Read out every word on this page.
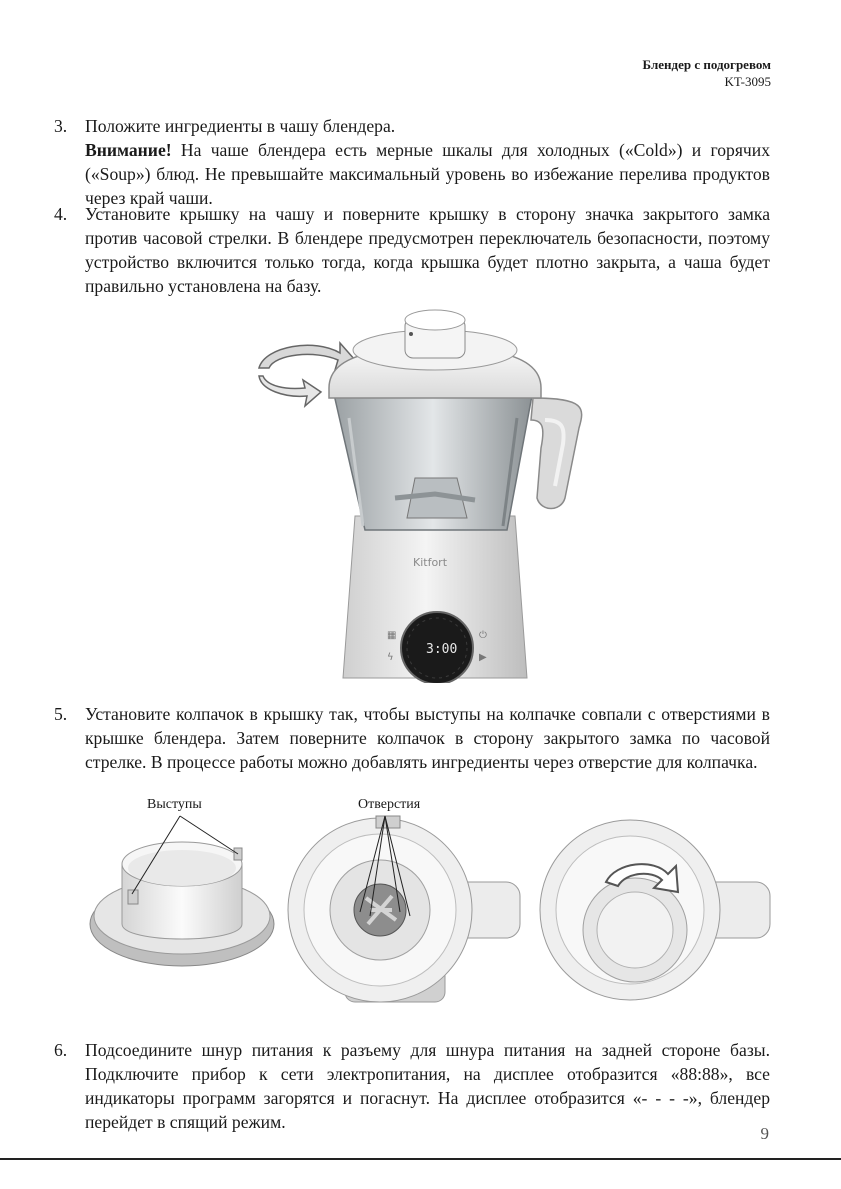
Блендер с подогревом
KT-3095
3. Положите ингредиенты в чашу блендера.
Внимание! На чаше блендера есть мерные шкалы для холодных («Cold») и горячих («Soup») блюд. Не превышайте максимальный уровень во избежание перелива продуктов через край чаши.
4. Установите крышку на чашу и поверните крышку в сторону значка закрытого замка против часовой стрелки. В блендере предусмотрен переключатель безопасности, поэтому устройство включится только тогда, когда крышка будет плотно закрыта, а чаша будет правильно установлена на базу.
Kitfort
3:00
▦
ϟ
⏻
▶
5. Установите колпачок в крышку так, чтобы выступы на колпачке совпали с отверстиями в крышке блендера. Затем поверните колпачок в сторону закрытого замка по часовой стрелке. В процессе работы можно добавлять ингредиенты через отверстие для колпачка.
Выступы	Отверстия
6. Подсоедините шнур питания к разъему для шнура питания на задней стороне базы. Подключите прибор к сети электропитания, на дисплее отобразится «88:88», все индикаторы программ загорятся и погаснут. На дисплее отобразится «- - - -», блендер перейдет в спящий режим.
9
